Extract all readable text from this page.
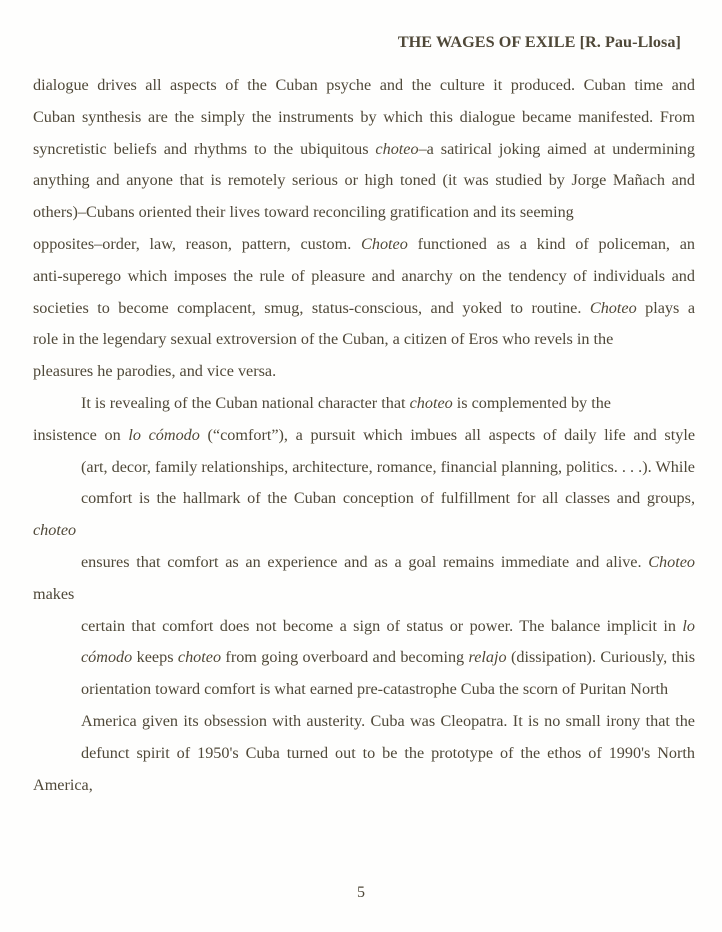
THE WAGES OF EXILE [R. Pau-Llosa]

dialogue drives all aspects of the Cuban psyche and the culture it produced. Cuban time and
Cuban synthesis are the simply the instruments by which this dialogue became manifested. From
syncretistic beliefs and rhythms to the ubiquitous choteo–a satirical joking aimed at undermining
anything and anyone that is remotely serious or high toned (it was studied by Jorge Mañach and
others)–Cubans oriented their lives toward reconciling gratification and its seeming
opposites–order, law, reason, pattern, custom. Choteo functioned as a kind of policeman, an
anti-superego which imposes the rule of pleasure and anarchy on the tendency of individuals and
societies to become complacent, smug, status-conscious, and yoked to routine. Choteo plays a
role in the legendary sexual extroversion of the Cuban, a citizen of Eros who revels in the
pleasures he parodies, and vice versa.

It is revealing of the Cuban national character that choteo is complemented by the
insistence on lo cómodo (“comfort”), a pursuit which imbues all aspects of daily life and style
(art, decor, family relationships, architecture, romance, financial planning, politics. . . .). While
comfort is the hallmark of the Cuban conception of fulfillment for all classes and groups, choteo
ensures that comfort as an experience and as a goal remains immediate and alive. Choteo makes
certain that comfort does not become a sign of status or power. The balance implicit in lo
cómodo keeps choteo from going overboard and becoming relajo (dissipation). Curiously, this
orientation toward comfort is what earned pre-catastrophe Cuba the scorn of Puritan North
America given its obsession with austerity. Cuba was Cleopatra. It is no small irony that the
defunct spirit of 1950's Cuba turned out to be the prototype of the ethos of 1990's North America,

5
